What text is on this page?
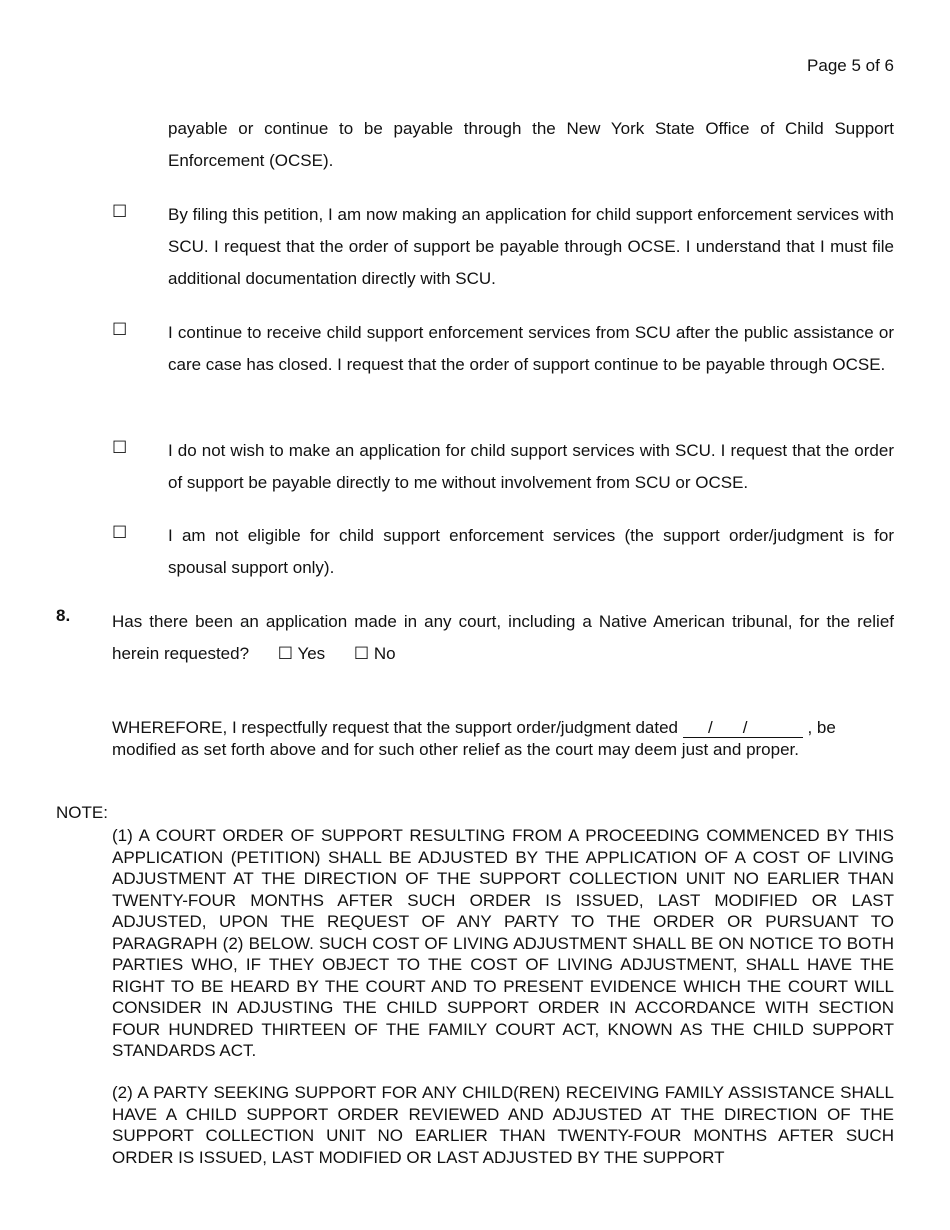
Page 5 of 6
payable or continue to be payable through the New York State Office of Child Support Enforcement (OCSE).
☐ By filing this petition, I am now making an application for child support enforcement services with SCU. I request that the order of support be payable through OCSE. I understand that I must file additional documentation directly with SCU.
☐ I continue to receive child support enforcement services from SCU after the public assistance or care case has closed. I request that the order of support continue to be payable through OCSE.
☐ I do not wish to make an application for child support services with SCU. I request that the order of support be payable directly to me without involvement from SCU or OCSE.
☐ I am not eligible for child support enforcement services (the support order/judgment is for spousal support only).
8. Has there been an application made in any court, including a Native American tribunal, for the relief herein requested? ☐ Yes ☐ No
WHEREFORE, I respectfully request that the support order/judgment dated // , be modified as set forth above and for such other relief as the court may deem just and proper.
NOTE:
(1) A COURT ORDER OF SUPPORT RESULTING FROM A PROCEEDING COMMENCED BY THIS APPLICATION (PETITION) SHALL BE ADJUSTED BY THE APPLICATION OF A COST OF LIVING ADJUSTMENT AT THE DIRECTION OF THE SUPPORT COLLECTION UNIT NO EARLIER THAN TWENTY-FOUR MONTHS AFTER SUCH ORDER IS ISSUED, LAST MODIFIED OR LAST ADJUSTED, UPON THE REQUEST OF ANY PARTY TO THE ORDER OR PURSUANT TO PARAGRAPH (2) BELOW. SUCH COST OF LIVING ADJUSTMENT SHALL BE ON NOTICE TO BOTH PARTIES WHO, IF THEY OBJECT TO THE COST OF LIVING ADJUSTMENT, SHALL HAVE THE RIGHT TO BE HEARD BY THE COURT AND TO PRESENT EVIDENCE WHICH THE COURT WILL CONSIDER IN ADJUSTING THE CHILD SUPPORT ORDER IN ACCORDANCE WITH SECTION FOUR HUNDRED THIRTEEN OF THE FAMILY COURT ACT, KNOWN AS THE CHILD SUPPORT STANDARDS ACT.
(2) A PARTY SEEKING SUPPORT FOR ANY CHILD(REN) RECEIVING FAMILY ASSISTANCE SHALL HAVE A CHILD SUPPORT ORDER REVIEWED AND ADJUSTED AT THE DIRECTION OF THE SUPPORT COLLECTION UNIT NO EARLIER THAN TWENTY-FOUR MONTHS AFTER SUCH ORDER IS ISSUED, LAST MODIFIED OR LAST ADJUSTED BY THE SUPPORT
